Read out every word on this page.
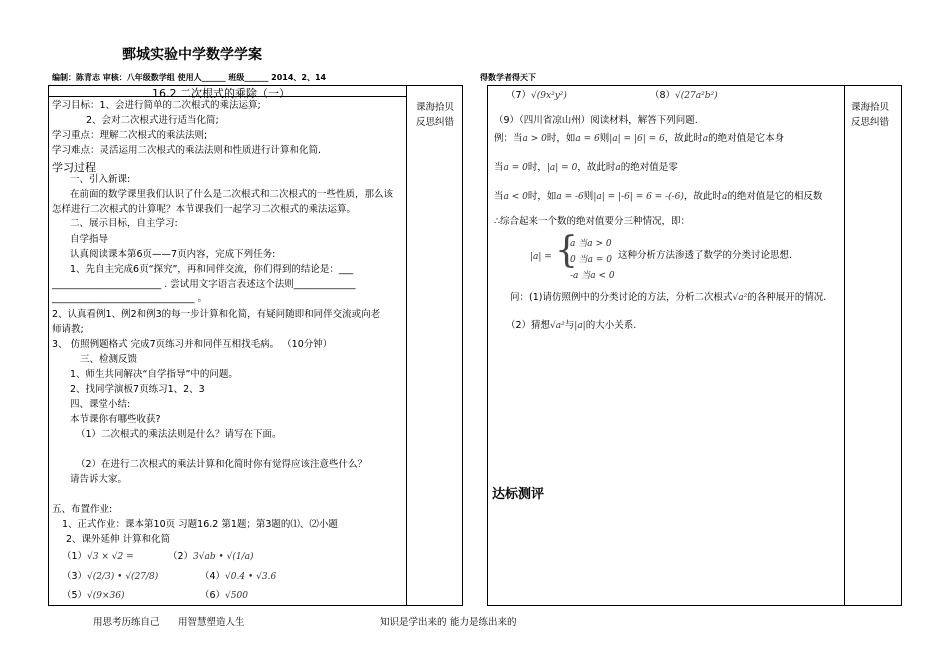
鄄城实验中学数学学案
编制：陈青志 审核：八年级数学组 使用人______ 班级______ 2014、2、14	得数学者得天下
课海拾贝
反思纠错
课海拾贝
反思纠错
16.2 二次根式的乘除（一）
学习目标：1、会进行简单的二次根式的乘法运算;
2、会对二次根式进行适当化简;
学习重点：理解二次根式的乘法法则;
学习难点：灵活运用二次根式的乘法法则和性质进行计算和化简.
学习过程
一、引入新课:
在前面的数学课里我们认识了什么是二次根式和二次根式的一些性质，那么该
怎样进行二次根式的计算呢？本节课我们一起学习二次根式的乘法运算。
二、展示目标，自主学习:
自学指导
认真阅读课本第6页——7页内容，完成下列任务:
1、先自主完成6页“探究”，再和同伴交流，你们得到的结论是：___
_______________________ . 尝试用文字语言表述这个法则_____________
______________________________ 。
2、认真看例1、例2和例3的每一步计算和化简，有疑问随即和同伴交流或向老
师请教;
3、 仿照例题格式 完成7页练习并和同伴互相找毛病。 （10分钟）
三、检测反馈
1、师生共同解决“自学指导”中的问题。
2、找同学演板7页练习1、2、3
四、课堂小结:
本节课你有哪些收获?
（1）二次根式的乘法法则是什么？请写在下面。
（2）在进行二次根式的乘法计算和化简时你有觉得应该注意些什么？
请告诉大家。
五、布置作业:
1、正式作业：课本第10页 习题16.2 第1题；第3题的⑴、⑵小题
2、课外延伸 计算和化简
（1）√3 × √2 =	（2）3√ab • √(1/a)
（3）√(2/3) • √(27/8)	（4）√0.4 • √3.6
（5）√(9×36)	（6）√500
（7）√(9x²y²)	（8）√(27a²b²)
（9）（四川省凉山州）阅读材料，解答下列问题.
例：当a > 0时，如a = 6则|a| = |6| = 6，故此时a的绝对值是它本身
当a = 0时，|a| = 0，故此时a的绝对值是零
当a < 0时，如a = -6则|a| = |-6| = 6 = -(-6)，故此时a的绝对值是它的相反数
∴综合起来一个数的绝对值要分三种情况，即：
|a| = {
a 当a > 0
0 当a = 0
-a 当a < 0
这种分析方法渗透了数学的分类讨论思想.
问：(1)请仿照例中的分类讨论的方法，分析二次根式√a²的各种展开的情况.
（2）猜想√a²与|a|的大小关系.
达标测评
用思考历练自己 用智慧塑造人生	知识是学出来的 能力是练出来的
